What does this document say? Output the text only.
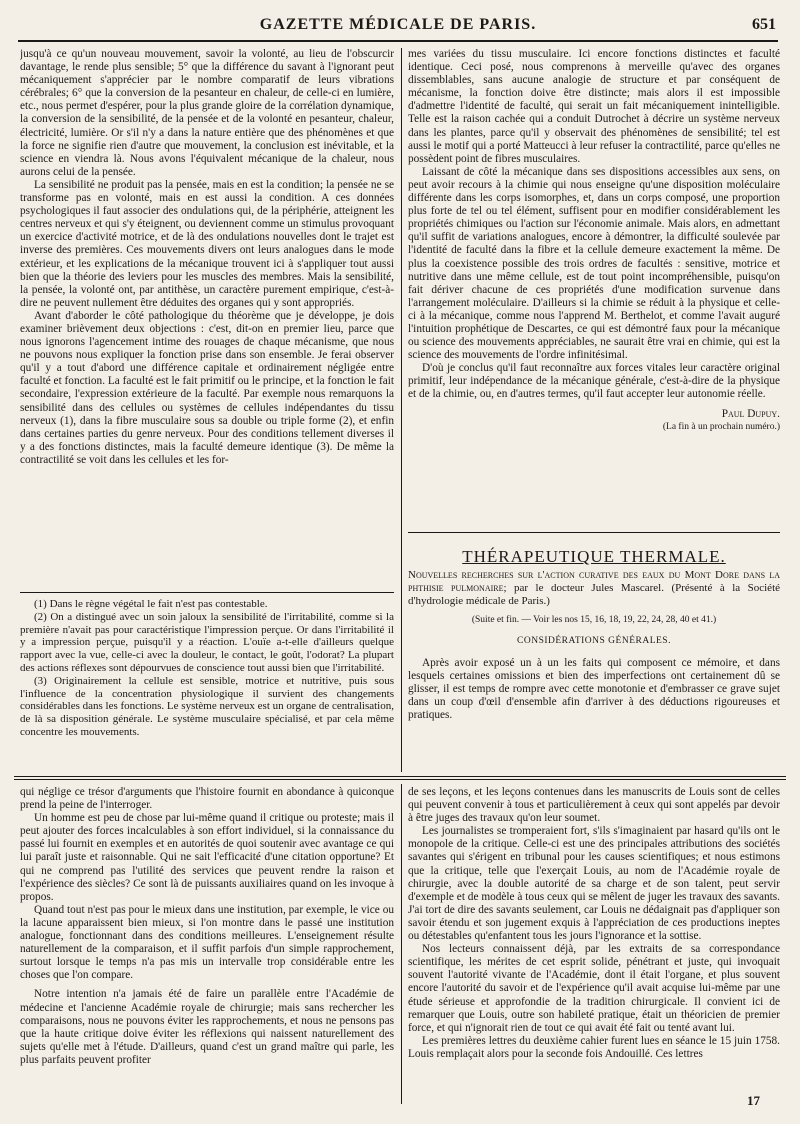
GAZETTE MÉDICALE DE PARIS.	651

jusqu'à ce qu'un nouveau mouvement, savoir la volonté, au lieu de l'obscurcir davantage, le rende plus sensible; 5° que la différence du savant à l'ignorant peut mécaniquement s'apprécier par le nombre comparatif de leurs vibrations cérébrales; 6° que la conversion de la pesanteur en chaleur, de celle-ci en lumière, etc., nous permet d'espérer, pour la plus grande gloire de la corrélation dynamique, la conversion de la sensibilité, de la pensée et de la volonté en pesanteur, chaleur, électricité, lumière. Or s'il n'y a dans la nature entière que des phénomènes et que la force ne signifie rien d'autre que mouvement, la conclusion est inévitable, et la science en viendra là. Nous avons l'équivalent mécanique de la chaleur, nous aurons celui de la pensée.

La sensibilité ne produit pas la pensée, mais en est la condition; la pensée ne se transforme pas en volonté, mais en est aussi la condition. A ces données psychologiques il faut associer des ondulations qui, de la périphérie, atteignent les centres nerveux et qui s'y éteignent, ou deviennent comme un stimulus provoquant un exercice d'activité motrice, et de là des ondulations nouvelles dont le trajet est inverse des premières. Ces mouvements divers ont leurs analogues dans le mode extérieur, et les explications de la mécanique trouvent ici à s'appliquer tout aussi bien que la théorie des leviers pour les muscles des membres. Mais la sensibilité, la pensée, la volonté ont, par antithèse, un caractère purement empirique, c'est-à-dire ne peuvent nullement être déduites des organes qui y sont appropriés.

Avant d'aborder le côté pathologique du théorème que je développe, je dois examiner brièvement deux objections : c'est, dit-on en premier lieu, parce que nous ignorons l'agencement intime des rouages de chaque mécanisme, que nous ne pouvons nous expliquer la fonction prise dans son ensemble. Je ferai observer qu'il y a tout d'abord une différence capitale et ordinairement négligée entre faculté et fonction. La faculté est le fait primitif ou le principe, et la fonction le fait secondaire, l'expression extérieure de la faculté. Par exemple nous remarquons la sensibilité dans des cellules ou systèmes de cellules indépendantes du tissu nerveux (1), dans la fibre musculaire sous sa double ou triple forme (2), et enfin dans certaines parties du genre nerveux. Pour des conditions tellement diverses il y a des fonctions distinctes, mais la faculté demeure identique (3). De même la contractilité se voit dans les cellules et les for-

mes variées du tissu musculaire. Ici encore fonctions distinctes et faculté identique. Ceci posé, nous comprenons à merveille qu'avec des organes dissemblables, sans aucune analogie de structure et par conséquent de mécanisme, la fonction doive être distincte; mais alors il est impossible d'admettre l'identité de faculté, qui serait un fait mécaniquement inintelligible. Telle est la raison cachée qui a conduit Dutrochet à décrire un système nerveux dans les plantes, parce qu'il y observait des phénomènes de sensibilité; tel est aussi le motif qui a porté Matteucci à leur refuser la contractilité, parce qu'elles ne possèdent point de fibres musculaires.

Laissant de côté la mécanique dans ses dispositions accessibles aux sens, on peut avoir recours à la chimie qui nous enseigne qu'une disposition moléculaire différente dans les corps isomorphes, et, dans un corps composé, une proportion plus forte de tel ou tel élément, suffisent pour en modifier considérablement les propriétés chimiques ou l'action sur l'économie animale. Mais alors, en admettant qu'il suffit de variations analogues, encore à démontrer, la difficulté soulevée par l'identité de faculté dans la fibre et la cellule demeure exactement la même. De plus la coexistence possible des trois ordres de facultés : sensitive, motrice et nutritive dans une même cellule, est de tout point incompréhensible, puisqu'on fait dériver chacune de ces propriétés d'une modification survenue dans l'arrangement moléculaire. D'ailleurs si la chimie se réduit à la physique et celle-ci à la mécanique, comme nous l'apprend M. Berthelot, et comme l'avait auguré l'intuition prophétique de Descartes, ce qui est démontré faux pour la mécanique ou science des mouvements appréciables, ne saurait être vrai en chimie, qui est la science des mouvements de l'ordre infinitésimal.

D'où je conclus qu'il faut reconnaître aux forces vitales leur caractère original primitif, leur indépendance de la mécanique générale, c'est-à-dire de la physique et de la chimie, ou, en d'autres termes, qu'il faut accepter leur autonomie réelle.

Paul Dupuy.
(La fin à un prochain numéro.)
THÉRAPEUTIQUE THERMALE.

Nouvelles recherches sur l'action curative des eaux du Mont Dore dans la phthisie pulmonaire; par le docteur Jules Mascarel. (Présenté à la Société d'hydrologie médicale de Paris.)

(Suite et fin. — Voir les nos 15, 16, 18, 19, 22, 24, 28, 40 et 41.)

CONSIDÉRATIONS GÉNÉRALES.

Après avoir exposé un à un les faits qui composent ce mémoire, et dans lesquels certaines omissions et bien des imperfections ont certainement dû se glisser, il est temps de rompre avec cette monotonie et d'embrasser ce grave sujet dans un coup d'œil d'ensemble afin d'arriver à des déductions rigoureuses et pratiques.

(1) Dans le règne végétal le fait n'est pas contestable.

(2) On a distingué avec un soin jaloux la sensibilité de l'irritabilité, comme si la première n'avait pas pour caractéristique l'impression perçue. Or dans l'irritabilité il y a impression perçue, puisqu'il y a réaction. L'ouïe a-t-elle d'ailleurs quelque rapport avec la vue, celle-ci avec la douleur, le contact, le goût, l'odorat? La plupart des actions réflexes sont dépourvues de conscience tout aussi bien que l'irritabilité.

(3) Originairement la cellule est sensible, motrice et nutritive, puis sous l'influence de la concentration physiologique il survient des changements considérables dans les fonctions. Le système nerveux est un organe de centralisation, de là sa disposition générale. Le système musculaire spécialisé, et par cela même concentre les mouvements.

qui néglige ce trésor d'arguments que l'histoire fournit en abondance à quiconque prend la peine de l'interroger.

Un homme est peu de chose par lui-même quand il critique ou proteste; mais il peut ajouter des forces incalculables à son effort individuel, si la connaissance du passé lui fournit en exemples et en autorités de quoi soutenir avec avantage ce qui lui paraît juste et raisonnable. Qui ne sait l'efficacité d'une citation opportune? Et qui ne comprend pas l'utilité des services que peuvent rendre la raison et l'expérience des siècles? Ce sont là de puissants auxiliaires quand on les invoque à propos.

Quand tout n'est pas pour le mieux dans une institution, par exemple, le vice ou la lacune apparaissent bien mieux, si l'on montre dans le passé une institution analogue, fonctionnant dans des conditions meilleures. L'enseignement résulte naturellement de la comparaison, et il suffit parfois d'un simple rapprochement, surtout lorsque le temps n'a pas mis un intervalle trop considérable entre les choses que l'on compare.

Notre intention n'a jamais été de faire un parallèle entre l'Académie de médecine et l'ancienne Académie royale de chirurgie; mais sans rechercher les comparaisons, nous ne pouvons éviter les rapprochements, et nous ne pensons pas que la haute critique doive éviter les réflexions qui naissent naturellement des sujets qu'elle met à l'étude. D'ailleurs, quand c'est un grand maître qui parle, les plus parfaits peuvent profiter

de ses leçons, et les leçons contenues dans les manuscrits de Louis sont de celles qui peuvent convenir à tous et particulièrement à ceux qui sont appelés par devoir à être juges des travaux qu'on leur soumet.

Les journalistes se tromperaient fort, s'ils s'imaginaient par hasard qu'ils ont le monopole de la critique. Celle-ci est une des principales attributions des sociétés savantes qui s'érigent en tribunal pour les causes scientifiques; et nous estimons que la critique, telle que l'exerçait Louis, au nom de l'Académie royale de chirurgie, avec la double autorité de sa charge et de son talent, peut servir d'exemple et de modèle à tous ceux qui se mêlent de juger les travaux des savants. J'ai tort de dire des savants seulement, car Louis ne dédaignait pas d'appliquer son savoir étendu et son jugement exquis à l'appréciation de ces productions ineptes ou détestables qu'enfantent tous les jours l'ignorance et la sottise.

Nos lecteurs connaissent déjà, par les extraits de sa correspondance scientifique, les mérites de cet esprit solide, pénétrant et juste, qui invoquait souvent l'autorité vivante de l'Académie, dont il était l'organe, et plus souvent encore l'autorité du savoir et de l'expérience qu'il avait acquise lui-même par une étude sérieuse et approfondie de la tradition chirurgicale. Il convient ici de remarquer que Louis, outre son habileté pratique, était un théoricien de premier force, et qui n'ignorait rien de tout ce qui avait été fait ou tenté avant lui.

Les premières lettres du deuxième cahier furent lues en séance le 15 juin 1758. Louis remplaçait alors pour la seconde fois Andouillé. Ces lettres

17
